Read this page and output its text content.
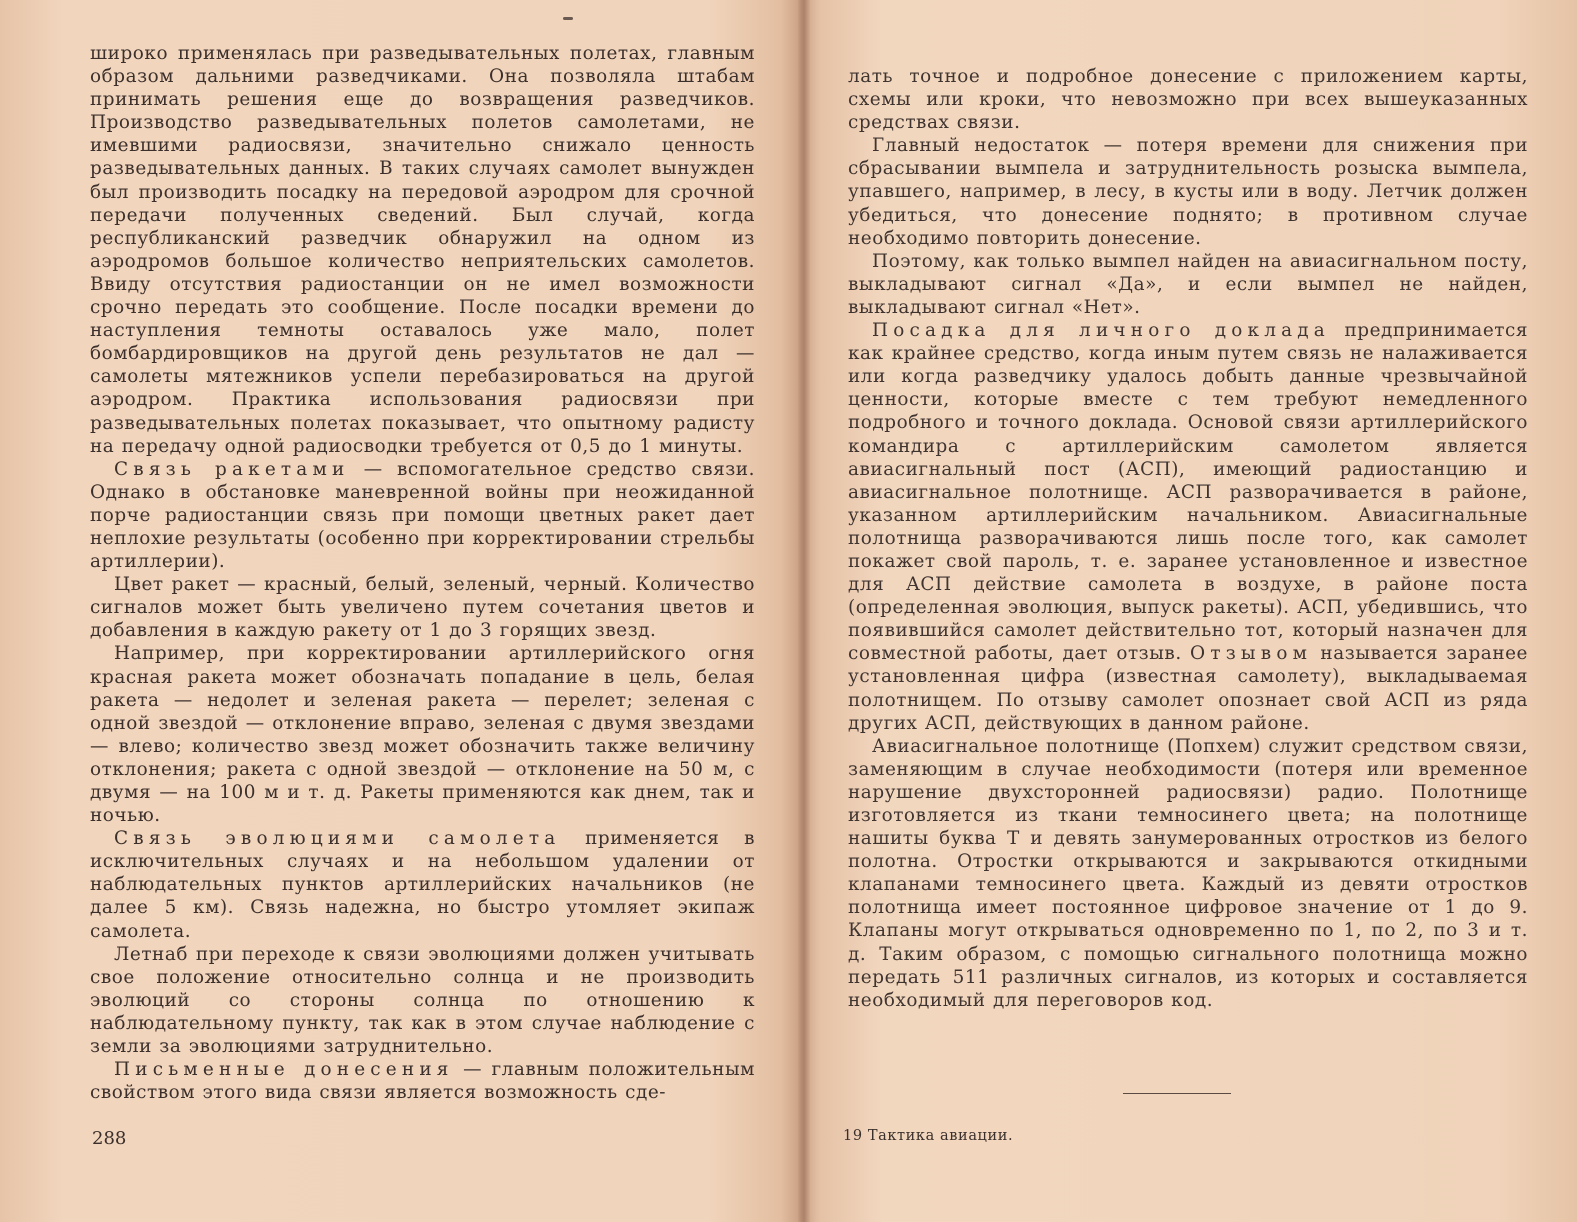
широко применялась при разведывательных полетах, главным образом дальними разведчиками. Она позволяла штабам принимать решения еще до возвращения разведчиков. Производство разведывательных полетов самолетами, не имевшими радиосвязи, значительно снижало ценность разведывательных данных. В таких случаях самолет вынужден был производить посадку на передовой аэродром для срочной передачи полученных сведений. Был случай, когда республиканский разведчик обнаружил на одном из аэродромов большое количество неприятельских самолетов. Ввиду отсутствия радиостанции он не имел возможности срочно передать это сообщение. После посадки времени до наступления темноты оставалось уже мало, полет бомбардировщиков на другой день результатов не дал — самолеты мятежников успели перебазироваться на другой аэродром. Практика использования радиосвязи при разведывательных полетах показывает, что опытному радисту на передачу одной радиосводки требуется от 0,5 до 1 минуты.

Связь ракетами — вспомогательное средство связи. Однако в обстановке маневренной войны при неожиданной порче радиостанции связь при помощи цветных ракет дает неплохие результаты (особенно при корректировании стрельбы артиллерии).

Цвет ракет — красный, белый, зеленый, черный. Количество сигналов может быть увеличено путем сочетания цветов и добавления в каждую ракету от 1 до 3 горящих звезд.

Например, при корректировании артиллерийского огня красная ракета может обозначать попадание в цель, белая ракета — недолет и зеленая ракета — перелет; зеленая с одной звездой — отклонение вправо, зеленая с двумя звездами — влево; количество звезд может обозначить также величину отклонения; ракета с одной звездой — отклонение на 50 м, с двумя — на 100 м и т. д. Ракеты применяются как днем, так и ночью.

Связь эволюциями самолета применяется в исключительных случаях и на небольшом удалении от наблюдательных пунктов артиллерийских начальников (не далее 5 км). Связь надежна, но быстро утомляет экипаж самолета.

Летнаб при переходе к связи эволюциями должен учитывать свое положение относительно солнца и не производить эволюций со стороны солнца по отношению к наблюдательному пункту, так как в этом случае наблюдение с земли за эволюциями затруднительно.

Письменные донесения — главным положительным свойством этого вида связи является возможность сде-

288

лать точное и подробное донесение с приложением карты, схемы или кроки, что невозможно при всех вышеуказанных средствах связи.

Главный недостаток — потеря времени для снижения при сбрасывании вымпела и затруднительность розыска вымпела, упавшего, например, в лесу, в кусты или в воду. Летчик должен убедиться, что донесение поднято; в противном случае необходимо повторить донесение.

Поэтому, как только вымпел найден на авиасигнальном посту, выкладывают сигнал «Да», и если вымпел не найден, выкладывают сигнал «Нет».

Посадка для личного доклада предпринимается как крайнее средство, когда иным путем связь не налаживается или когда разведчику удалось добыть данные чрезвычайной ценности, которые вместе с тем требуют немедленного подробного и точного доклада. Основой связи артиллерийского командира с артиллерийским самолетом является авиасигнальный пост (АСП), имеющий радиостанцию и авиасигнальное полотнище. АСП разворачивается в районе, указанном артиллерийским начальником. Авиасигнальные полотнища разворачиваются лишь после того, как самолет покажет свой пароль, т. е. заранее установленное и известное для АСП действие самолета в воздухе, в районе поста (определенная эволюция, выпуск ракеты). АСП, убедившись, что появившийся самолет действительно тот, который назначен для совместной работы, дает отзыв. Отзывом называется заранее установленная цифра (известная самолету), выкладываемая полотнищем. По отзыву самолет опознает свой АСП из ряда других АСП, действующих в данном районе.

Авиасигнальное полотнище (Попхем) служит средством связи, заменяющим в случае необходимости (потеря или временное нарушение двухсторонней радиосвязи) радио. Полотнище изготовляется из ткани темносинего цвета; на полотнище нашиты буква Т и девять занумерованных отростков из белого полотна. Отростки открываются и закрываются откидными клапанами темносинего цвета. Каждый из девяти отростков полотнища имеет постоянное цифровое значение от 1 до 9. Клапаны могут открываться одновременно по 1, по 2, по 3 и т. д. Таким образом, с помощью сигнального полотнища можно передать 511 различных сигналов, из которых и составляется необходимый для переговоров код.

19 Тактика авиации.
